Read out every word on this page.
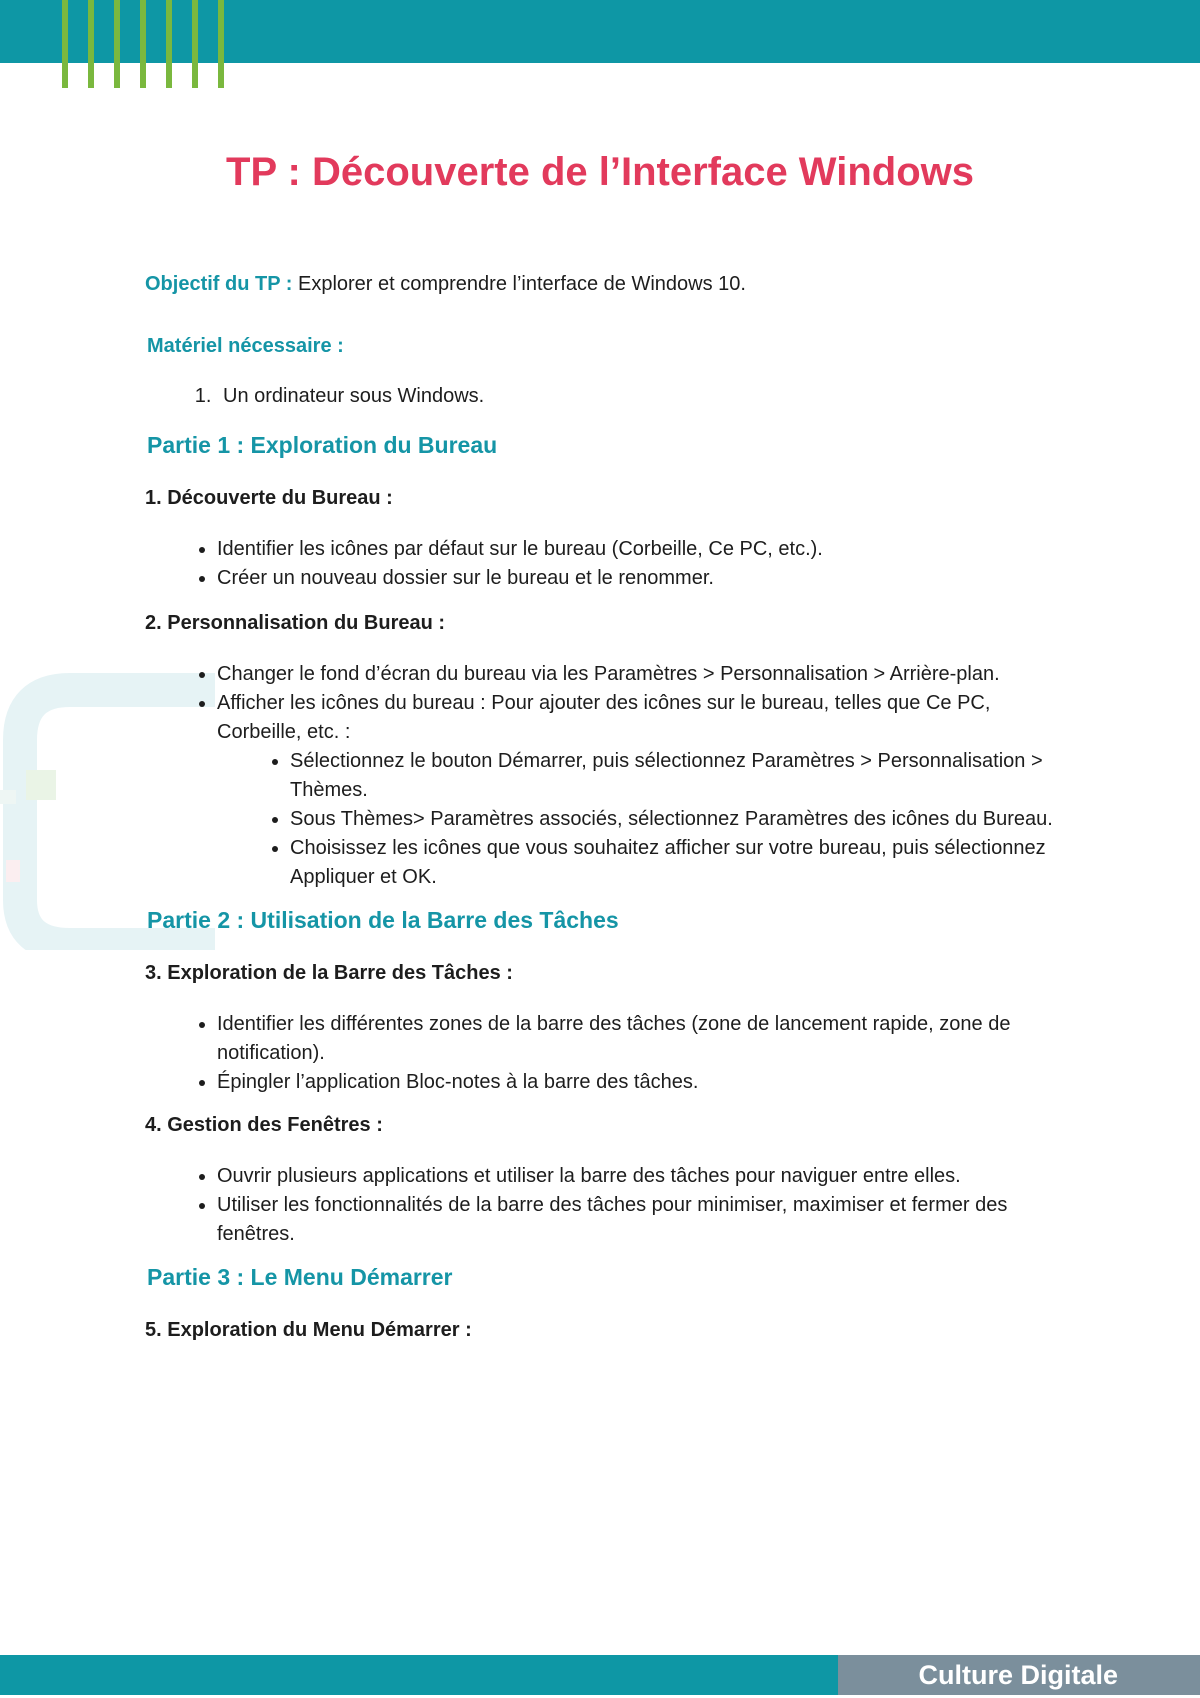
TP : Découverte de l’Interface Windows

Objectif du TP : Explorer et comprendre l’interface de Windows 10.

Matériel nécessaire :
1. Un ordinateur sous Windows.
Partie 1 : Exploration du Bureau

1. Découverte du Bureau :

• Identifier les icônes par défaut sur le bureau (Corbeille, Ce PC, etc.).
• Créer un nouveau dossier sur le bureau et le renommer.

2. Personnalisation du Bureau :

• Changer le fond d’écran du bureau via les Paramètres > Personnalisation > Arrière-plan.
• Afficher les icônes du bureau : Pour ajouter des icônes sur le bureau, telles que Ce PC, Corbeille, etc. :
• Sélectionnez le bouton Démarrer, puis sélectionnez Paramètres > Personnalisation > Thèmes.
• Sous Thèmes> Paramètres associés, sélectionnez Paramètres des icônes du Bureau.
• Choisissez les icônes que vous souhaitez afficher sur votre bureau, puis sélectionnez Appliquer et OK.
Partie 2 : Utilisation de la Barre des Tâches

3. Exploration de la Barre des Tâches :

• Identifier les différentes zones de la barre des tâches (zone de lancement rapide, zone de notification).
• Épingler l’application Bloc-notes à la barre des tâches.

4. Gestion des Fenêtres :

• Ouvrir plusieurs applications et utiliser la barre des tâches pour naviguer entre elles.
• Utiliser les fonctionnalités de la barre des tâches pour minimiser, maximiser et fermer des fenêtres.
Partie 3 : Le Menu Démarrer

5. Exploration du Menu Démarrer :

Culture Digitale
